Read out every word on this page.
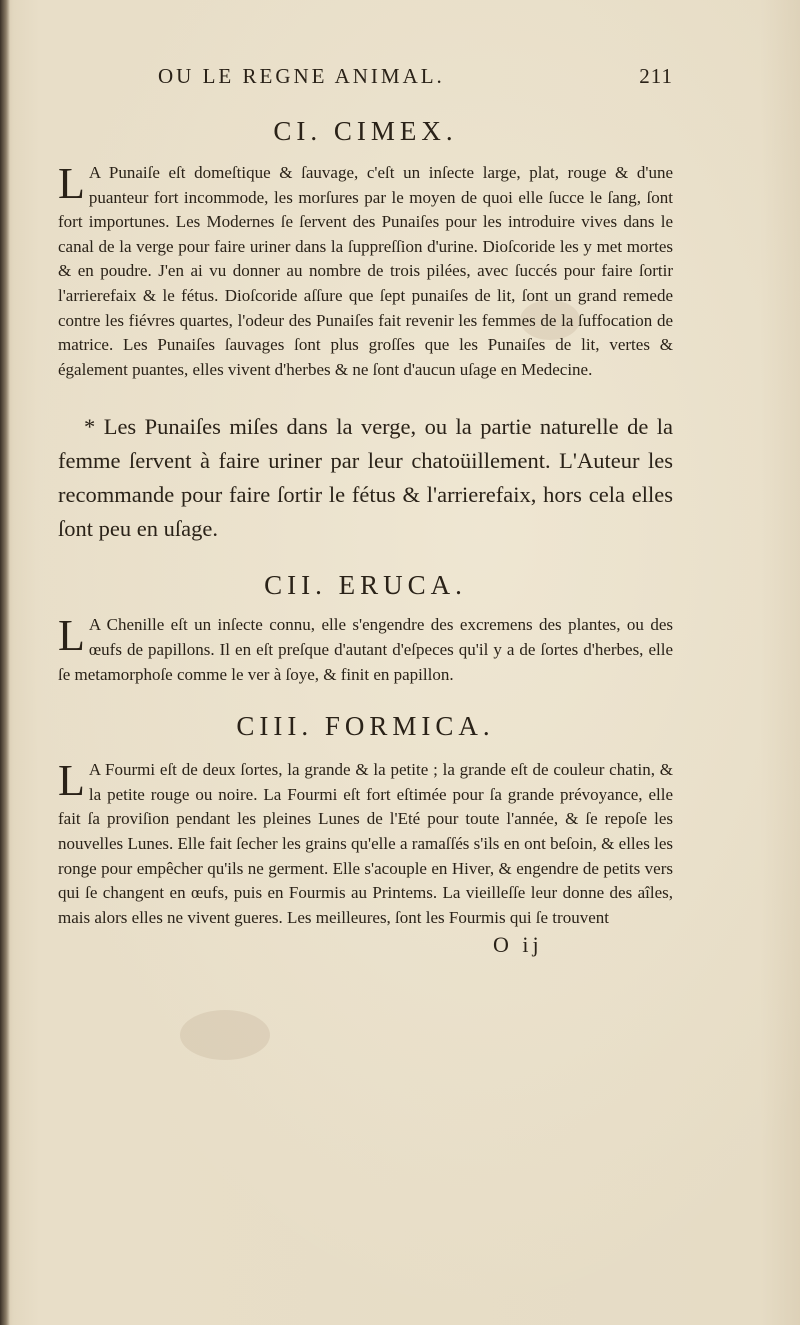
OU LE REGNE ANIMAL.	211
CI. CIMEX.

L A Punaiſe eſt domeſtique & ſauvage, c'eſt un inſecte large, plat, rouge & d'une puanteur fort incommode, les morſures par le moyen de quoi elle ſucce le ſang, ſont fort importunes. Les Modernes ſe ſervent des Punaiſes pour les introduire vives dans le canal de la verge pour faire uriner dans la ſuppreſſion d'urine. Dioſcoride les y met mortes & en poudre. J'en ai vu donner au nombre de trois pilées, avec ſuccés pour faire ſortir l'arrierefaix & le fétus. Dioſcoride aſſure que ſept punaiſes de lit, ſont un grand remede contre les fiévres quartes, l'odeur des Punaiſes fait revenir les femmes de la ſuffocation de matrice. Les Punaiſes ſauvages ſont plus groſſes que les Punaiſes de lit, vertes & également puantes, elles vivent d'herbes & ne ſont d'aucun uſage en Medecine.

* Les Punaiſes miſes dans la verge, ou la partie naturelle de la femme ſervent à faire uriner par leur chatoüillement. L'Auteur les recommande pour faire ſortir le fétus & l'arrierefaix, hors cela elles ſont peu en uſage.

CII. ERUCA.

L A Chenille eſt un inſecte connu, elle s'engendre des excremens des plantes, ou des œufs de papillons. Il en eſt preſque d'autant d'eſpeces qu'il y a de ſortes d'herbes, elle ſe metamorphoſe comme le ver à ſoye, & finit en papillon.

CIII. FORMICA.

L A Fourmi eſt de deux ſortes, la grande & la petite ; la grande eſt de couleur chatin, & la petite rouge ou noire. La Fourmi eſt fort eſtimée pour ſa grande prévoyance, elle fait ſa proviſion pendant les pleines Lunes de l'Eté pour toute l'année, & ſe repoſe les nouvelles Lunes. Elle fait ſecher les grains qu'elle a ramaſſés s'ils en ont beſoin, & elles les ronge pour empêcher qu'ils ne germent. Elle s'acouple en Hiver, & engendre de petits vers qui ſe changent en œufs, puis en Fourmis au Printems. La vieilleſſe leur donne des aîles, mais alors elles ne vivent gueres. Les meilleures, ſont les Fourmis qui ſe trouvent

O ij
